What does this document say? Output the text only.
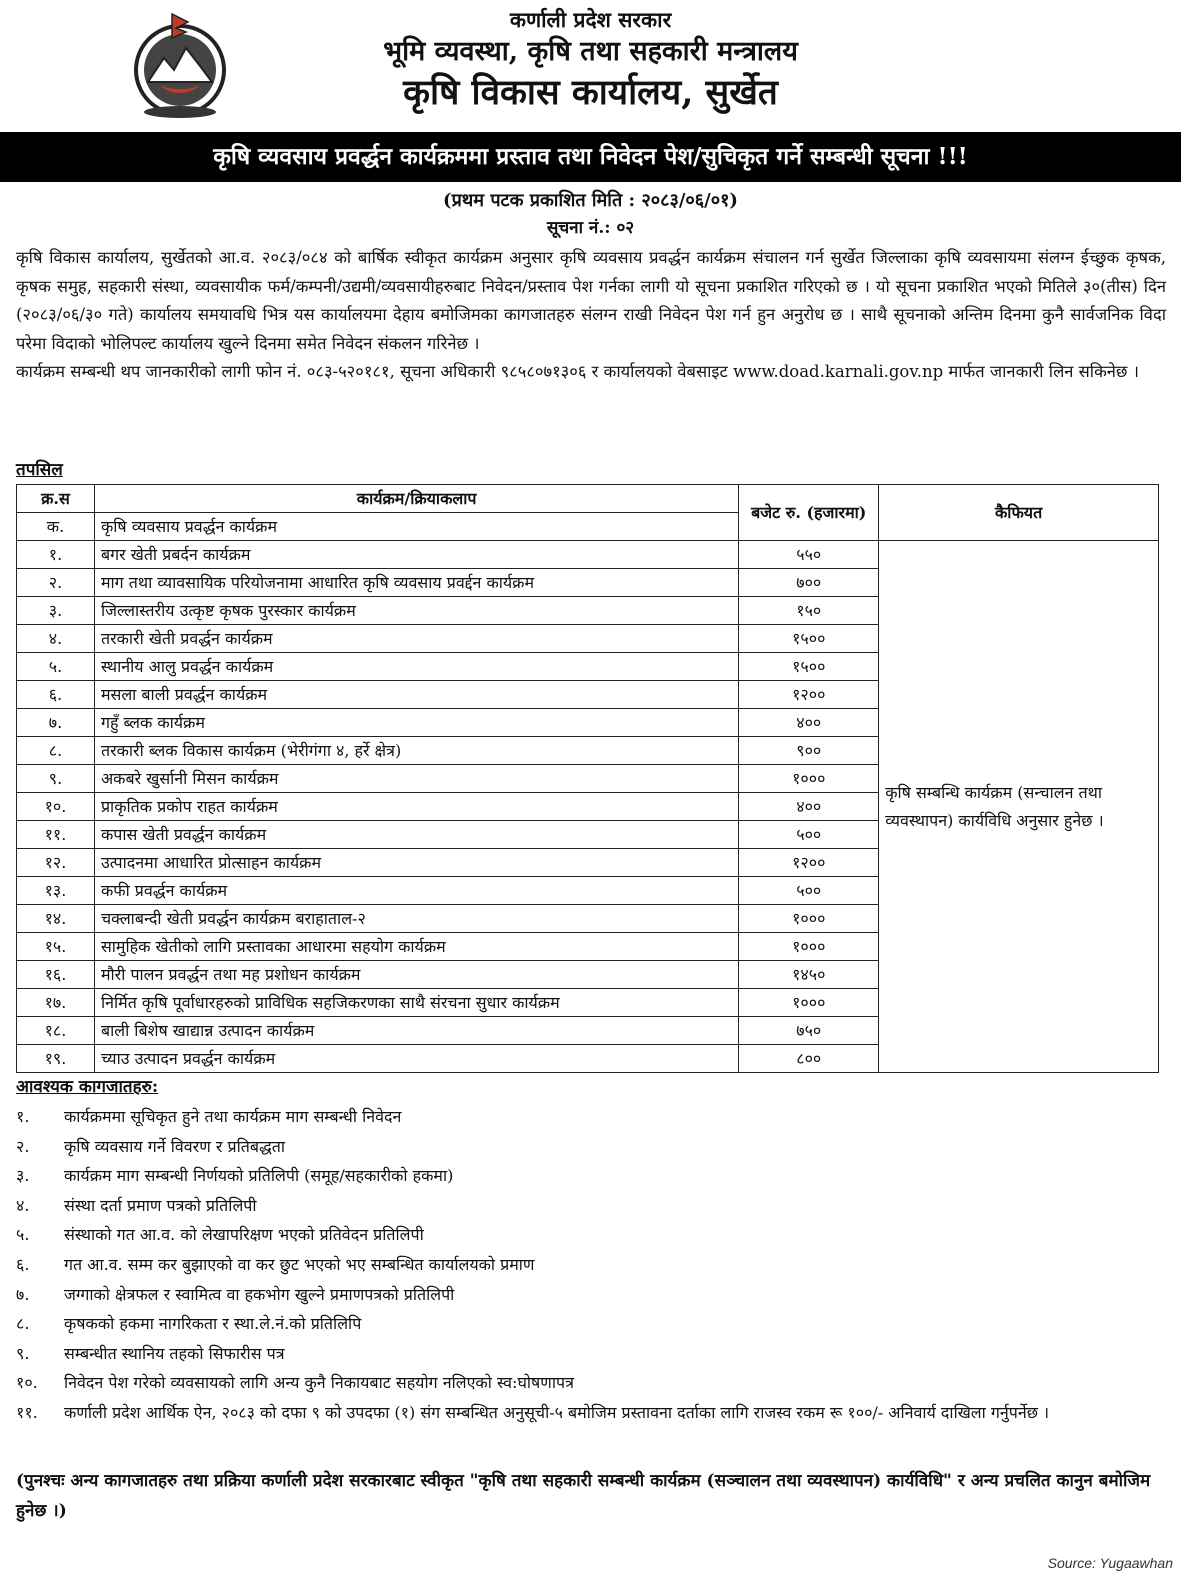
कर्णाली प्रदेश सरकार
भूमि व्यवस्था, कृषि तथा सहकारी मन्त्रालय
कृषि विकास कार्यालय, सुर्खेत
कृषि व्यवसाय प्रवर्द्धन कार्यक्रममा प्रस्ताव तथा निवेदन पेश/सुचिकृत गर्ने सम्बन्धी सूचना !!!
(प्रथम पटक प्रकाशित मिति : २०८३/०६/०१)
सूचना नं.: ०२

कृषि विकास कार्यालय, सुर्खेतको आ.व. २०८३/०८४ को बार्षिक स्वीकृत कार्यक्रम अनुसार कृषि व्यवसाय प्रवर्द्धन कार्यक्रम संचालन गर्न सुर्खेत जिल्लाका कृषि व्यवसायमा संलग्न ईच्छुक कृषक, कृषक समुह, सहकारी संस्था, व्यवसायीक फर्म/कम्पनी/उद्यमी/व्यवसायीहरुबाट निवेदन/प्रस्ताव पेश गर्नका लागी यो सूचना प्रकाशित गरिएको छ । यो सूचना प्रकाशित भएको मितिले ३०(तीस) दिन (२०८३/०६/३० गते) कार्यालय समयावधि भित्र यस कार्यालयमा देहाय बमोजिमका कागजातहरु संलग्न राखी निवेदन पेश गर्न हुन अनुरोध छ । साथै सूचनाको अन्तिम दिनमा कुनै सार्वजनिक विदा परेमा विदाको भोलिपल्ट कार्यालय खुल्ने दिनमा समेत निवेदन संकलन गरिनेछ ।

कार्यक्रम सम्बन्धी थप जानकारीको लागी फोन नं. ०८३-५२०१८१, सूचना अधिकारी ९८५८०७१३०६ र कार्यालयको वेबसाइट www.doad.karnali.gov.np मार्फत जानकारी लिन सकिनेछ ।

तपसिल
क्र.स	कार्यक्रम/क्रियाकलाप	बजेट रु. (हजारमा)	कैफियत
क.	कृषि व्यवसाय प्रवर्द्धन कार्यक्रम		
१.	बगर खेती प्रबर्दन कार्यक्रम	५५०	कृषि सम्बन्धि कार्यक्रम (सन्चालन तथा व्यवस्थापन) कार्यविधि अनुसार हुनेछ ।
२.	माग तथा व्यावसायिक परियोजनामा आधारित कृषि व्यवसाय प्रवर्द्दन कार्यक्रम	७००	
३.	जिल्लास्तरीय उत्कृष्ट कृषक पुरस्कार कार्यक्रम	१५०	
४.	तरकारी खेती प्रवर्द्धन कार्यक्रम	१५००	
५.	स्थानीय आलु प्रवर्द्धन कार्यक्रम	१५००	
६.	मसला बाली प्रवर्द्धन कार्यक्रम	१२००	
७.	गहुँ ब्लक कार्यक्रम	४००	
८.	तरकारी ब्लक विकास कार्यक्रम (भेरीगंगा ४, हर्रे क्षेत्र)	९००	
९.	अकबरे खुर्सानी मिसन कार्यक्रम	१०००	
१०.	प्राकृतिक प्रकोप राहत कार्यक्रम	४००	
११.	कपास खेती प्रवर्द्धन कार्यक्रम	५००	
१२.	उत्पादनमा आधारित प्रोत्साहन कार्यक्रम	१२००	
१३.	कफी प्रवर्द्धन कार्यक्रम	५००	
१४.	चक्लाबन्दी खेती प्रवर्द्धन कार्यक्रम बराहाताल-२	१०००	
१५.	सामुहिक खेतीको लागि प्रस्तावका आधारमा सहयोग कार्यक्रम	१०००	
१६.	मौरी पालन प्रवर्द्धन तथा मह प्रशोधन कार्यक्रम	१४५०	
१७.	निर्मित कृषि पूर्वाधारहरुको प्राविधिक सहजिकरणका साथै संरचना सुधार कार्यक्रम	१०००	
१८.	बाली बिशेष खाद्यान्न उत्पादन कार्यक्रम	७५०	
१९.	च्याउ उत्पादन प्रवर्द्धन कार्यक्रम	८००	
आवश्यक कागजातहरु:
१.	कार्यक्रममा सूचिकृत हुने तथा कार्यक्रम माग सम्बन्धी निवेदन
२.	कृषि व्यवसाय गर्ने विवरण र प्रतिबद्धता
३.	कार्यक्रम माग सम्बन्धी निर्णयको प्रतिलिपी (समूह/सहकारीको हकमा)
४.	संस्था दर्ता प्रमाण पत्रको प्रतिलिपी
५.	संस्थाको गत आ.व. को लेखापरिक्षण भएको प्रतिवेदन प्रतिलिपी
६.	गत आ.व. सम्म कर बुझाएको वा कर छुट भएको भए सम्बन्धित कार्यालयको प्रमाण
७.	जग्गाको क्षेत्रफल र स्वामित्व वा हकभोग खुल्ने प्रमाणपत्रको प्रतिलिपी
८.	कृषकको हकमा नागरिकता र स्था.ले.नं.को प्रतिलिपि
९.	सम्बन्धीत स्थानिय तहको सिफारीस पत्र
१०.	निवेदन पेश गरेको व्यवसायको लागि अन्य कुनै निकायबाट सहयोग नलिएको स्व:घोषणापत्र
११.	कर्णाली प्रदेश आर्थिक ऐन, २०८३ को दफा ९ को उपदफा (१) संग सम्बन्धित अनुसूची-५ बमोजिम प्रस्तावना दर्ताका लागि राजस्व रकम रू १००/- अनिवार्य दाखिला गर्नुपर्नेछ ।
(पुनश्चः अन्य कागजातहरु तथा प्रक्रिया कर्णाली प्रदेश सरकारबाट स्वीकृत "कृषि तथा सहकारी सम्बन्धी कार्यक्रम (सञ्चालन तथा व्यवस्थापन) कार्यविधि" र अन्य प्रचलित कानुन बमोजिम हुनेछ ।)
Source: Yugaawhan
